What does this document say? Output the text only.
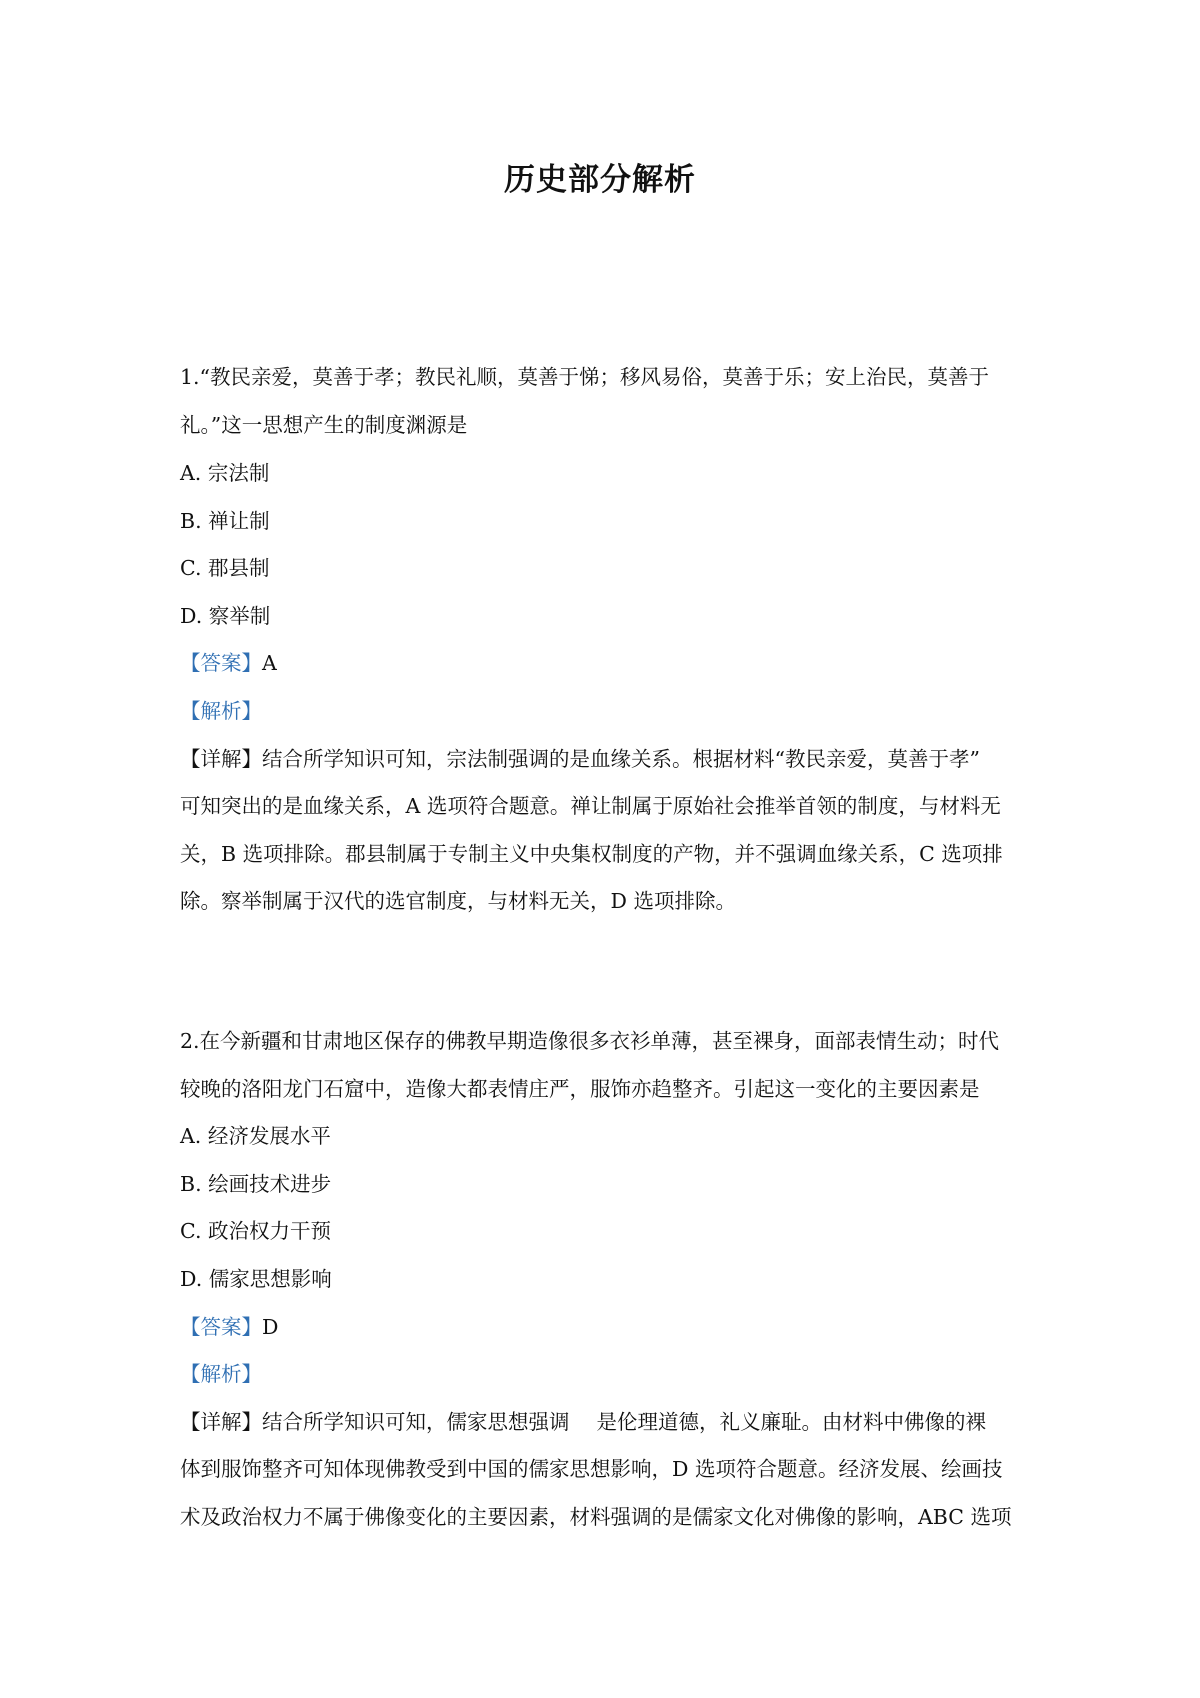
历史部分解析
1.“教民亲爱，莫善于孝；教民礼顺，莫善于悌；移风易俗，莫善于乐；安上治民，莫善于
礼。”这一思想产生的制度渊源是
A. 宗法制
B. 禅让制
C. 郡县制
D. 察举制
【答案】A
【解析】
【详解】结合所学知识可知，宗法制强调的是血缘关系。根据材料“教民亲爱，莫善于孝”
可知突出的是血缘关系，A 选项符合题意。禅让制属于原始社会推举首领的制度，与材料无
关，B 选项排除。郡县制属于专制主义中央集权制度的产物，并不强调血缘关系，C 选项排
除。察举制属于汉代的选官制度，与材料无关，D 选项排除。
2.在今新疆和甘肃地区保存的佛教早期造像很多衣衫单薄，甚至裸身，面部表情生动；时代
较晚的洛阳龙门石窟中，造像大都表情庄严，服饰亦趋整齐。引起这一变化的主要因素是
A. 经济发展水平
B. 绘画技术进步
C. 政治权力干预
D. 儒家思想影响
【答案】D
【解析】
【详解】结合所学知识可知，儒家思想强调　 是伦理道德，礼义廉耻。由材料中佛像的裸
体到服饰整齐可知体现佛教受到中国的儒家思想影响，D 选项符合题意。经济发展、绘画技
术及政治权力不属于佛像变化的主要因素，材料强调的是儒家文化对佛像的影响，ABC 选项
